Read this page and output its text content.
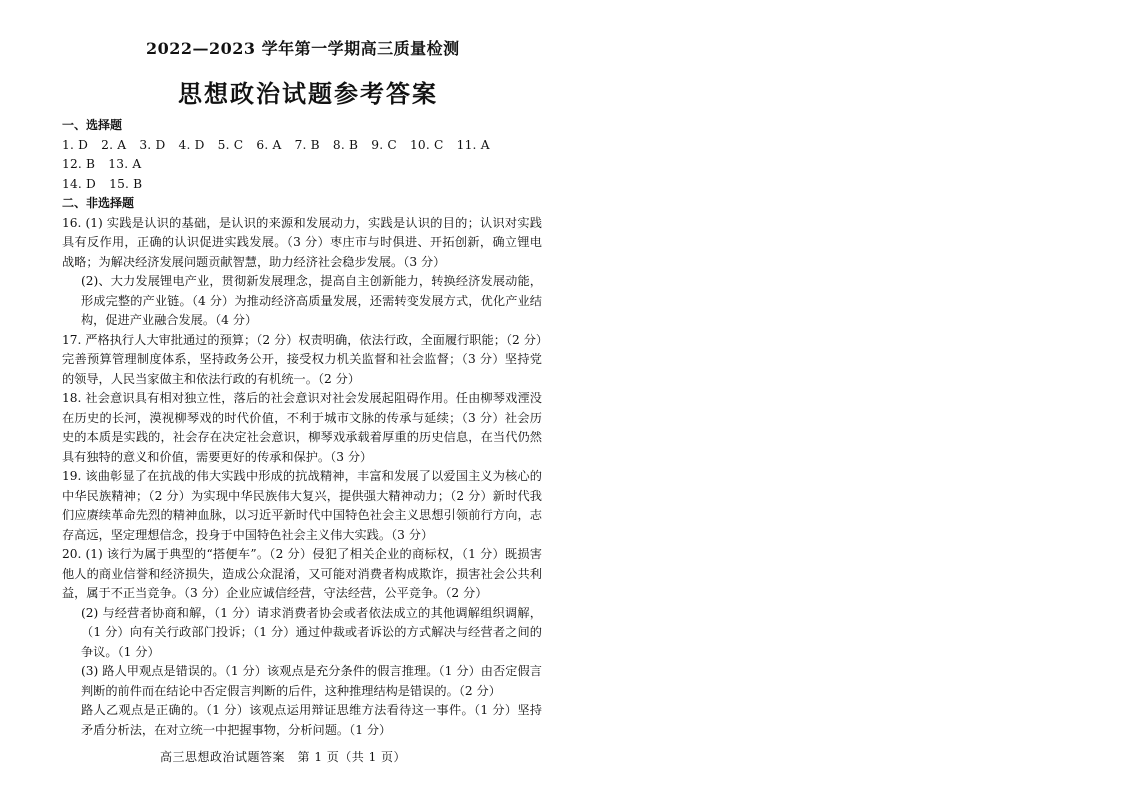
2022—2023 学年第一学期高三质量检测
思想政治试题参考答案
一、选择题
1. D 2. A 3. D 4. D 5. C 6. A 7. B 8. B 9. C 10. C 11. A 12. B 13. A
14. D 15. B
二、非选择题

16. (1) 实践是认识的基础，是认识的来源和发展动力，实践是认识的目的；认识对实践具有反作用，正确的认识促进实践发展。（3 分）枣庄市与时俱进、开拓创新，确立锂电战略；为解决经济发展问题贡献智慧，助力经济社会稳步发展。（3 分）

(2)、大力发展锂电产业，贯彻新发展理念，提高自主创新能力，转换经济发展动能，形成完整的产业链。（4 分）为推动经济高质量发展，还需转变发展方式，优化产业结构，促进产业融合发展。（4 分）

17. 严格执行人大审批通过的预算；（2 分）权责明确，依法行政，全面履行职能；（2 分）完善预算管理制度体系，坚持政务公开，接受权力机关监督和社会监督；（3 分）坚持党的领导，人民当家做主和依法行政的有机统一。（2 分）

18. 社会意识具有相对独立性，落后的社会意识对社会发展起阻碍作用。任由柳琴戏湮没在历史的长河，漠视柳琴戏的时代价值，不利于城市文脉的传承与延续；（3 分）社会历史的本质是实践的，社会存在决定社会意识，柳琴戏承载着厚重的历史信息，在当代仍然具有独特的意义和价值，需要更好的传承和保护。（3 分）

19. 该曲彰显了在抗战的伟大实践中形成的抗战精神，丰富和发展了以爱国主义为核心的中华民族精神；（2 分）为实现中华民族伟大复兴，提供强大精神动力；（2 分）新时代我们应赓续革命先烈的精神血脉，以习近平新时代中国特色社会主义思想引领前行方向，志存高远，坚定理想信念，投身于中国特色社会主义伟大实践。（3 分）

20. (1) 该行为属于典型的“搭便车”。（2 分）侵犯了相关企业的商标权，（1 分）既损害他人的商业信誉和经济损失，造成公众混淆，又可能对消费者构成欺诈，损害社会公共利益，属于不正当竞争。（3 分）企业应诚信经营，守法经营，公平竞争。（2 分）

(2) 与经营者协商和解，（1 分）请求消费者协会或者依法成立的其他调解组织调解，（1 分）向有关行政部门投诉；（1 分）通过仲裁或者诉讼的方式解决与经营者之间的争议。（1 分）

(3) 路人甲观点是错误的。（1 分）该观点是充分条件的假言推理。（1 分）由否定假言判断的前件而在结论中否定假言判断的后件，这种推理结构是错误的。（2 分）

路人乙观点是正确的。（1 分）该观点运用辩证思维方法看待这一事件。（1 分）坚持矛盾分析法，在对立统一中把握事物，分析问题。（1 分）

高三思想政治试题答案　第 1 页（共 1 页）
